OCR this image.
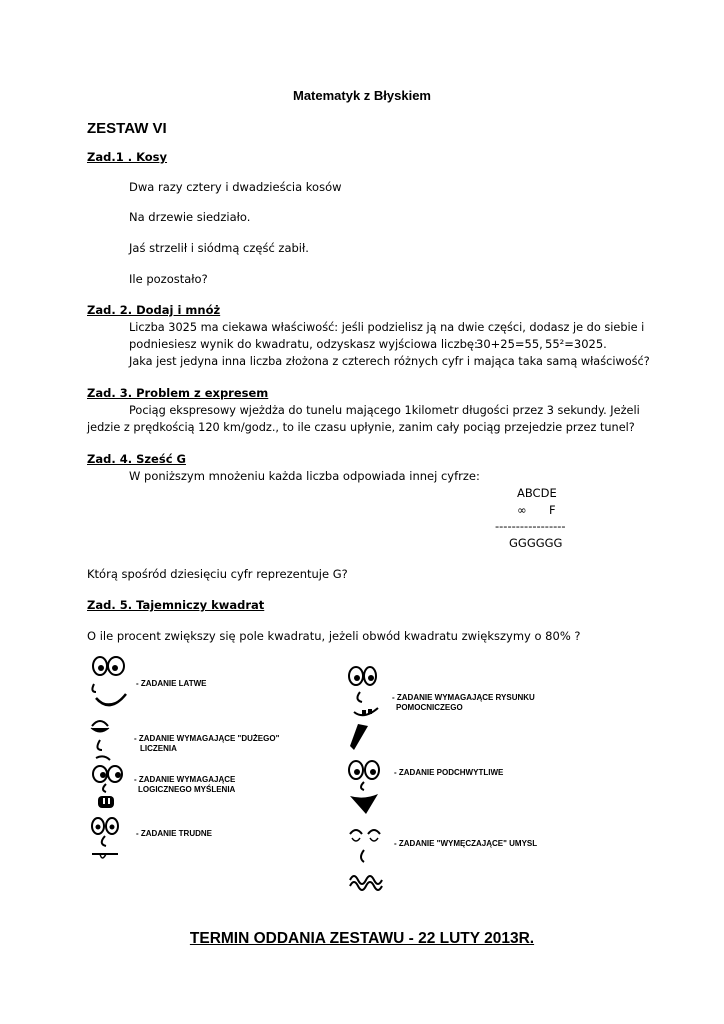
Matematyk z Błyskiem
ZESTAW VI
Zad.1 . Kosy
Dwa razy cztery i dwadzieścia kosów
Na drzewie siedziało.
Jaś strzelił i siódmą część zabił.
Ile pozostało?
Zad. 2. Dodaj i mnóż
Liczba 3025 ma ciekawa właściwość: jeśli podzielisz ją na dwie części, dodasz je do siebie i
podniesiesz wynik do kwadratu, odzyskasz wyjściowa liczbę:
30+25=55, 55²=3025.
Jaka jest jedyna inna liczba złożona z czterech różnych cyfr i mająca taka samą właściwość?
Zad. 3. Problem z expresem
Pociąg ekspresowy wjeżdża do tunelu mającego 1kilometr długości przez 3 sekundy. Jeżeli
jedzie z prędkością 120 km/godz., to ile czasu upłynie, zanim cały pociąg przejedzie przez tunel?
Zad. 4. Sześć G
W poniższym mnożeniu każda liczba odpowiada innej cyfrze:
ABCDE
∞ F
-----------------
GGGGGG
Którą spośród dziesięciu cyfr reprezentuje G?
Zad. 5. Tajemniczy kwadrat
O ile procent zwiększy się pole kwadratu, jeżeli obwód kwadratu zwiększymy o 80% ?
- ZADANIE LATWE
- ZADANIE WYMAGAJĄCE "DUŻEGO"
LICZENIA
- ZADANIE WYMAGAJĄCE
LOGICZNEGO MYŚLENIA
- ZADANIE TRUDNE
- ZADANIE WYMAGAJĄCE RYSUNKU
POMOCNICZEGO
- ZADANIE PODCHWYTLIWE
- ZADANIE "WYMĘCZAJĄCE" UMYSL
TERMIN ODDANIA ZESTAWU - 22 LUTY 2013R.
